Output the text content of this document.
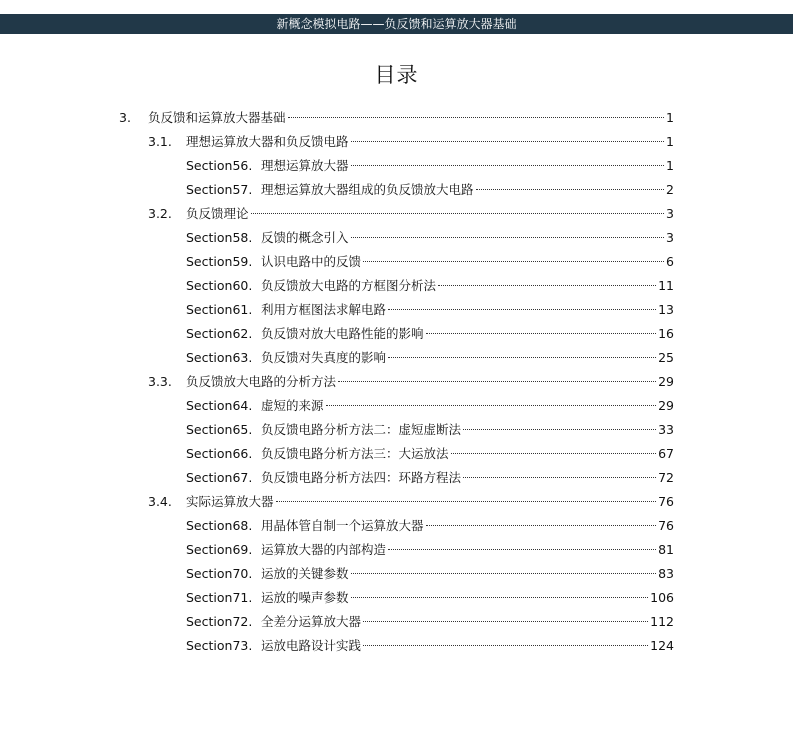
新概念模拟电路——负反馈和运算放大器基础
目录
3.	负反馈和运算放大器基础	1
3.1.	理想运算放大器和负反馈电路	1
Section56. 理想运算放大器	1
Section57. 理想运算放大器组成的负反馈放大电路	2
3.2.	负反馈理论	3
Section58. 反馈的概念引入	3
Section59. 认识电路中的反馈	6
Section60. 负反馈放大电路的方框图分析法	11
Section61. 利用方框图法求解电路	13
Section62. 负反馈对放大电路性能的影响	16
Section63. 负反馈对失真度的影响	25
3.3.	负反馈放大电路的分析方法	29
Section64. 虚短的来源	29
Section65. 负反馈电路分析方法二：虚短虚断法	33
Section66. 负反馈电路分析方法三：大运放法	67
Section67. 负反馈电路分析方法四：环路方程法	72
3.4.	实际运算放大器	76
Section68. 用晶体管自制一个运算放大器	76
Section69. 运算放大器的内部构造	81
Section70. 运放的关键参数	83
Section71. 运放的噪声参数	106
Section72. 全差分运算放大器	112
Section73. 运放电路设计实践	124
